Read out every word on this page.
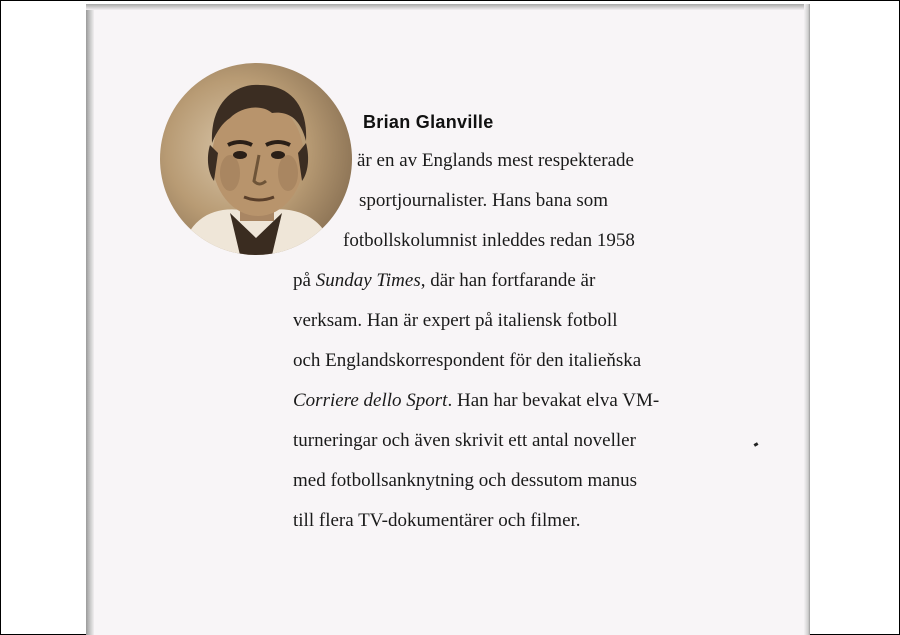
Brian Glanville
är en av Englands mest respekterade
sportjournalister. Hans bana som
fotbollskolumnist inleddes redan 1958
på Sunday Times, där han fortfarande är
verksam. Han är expert på italiensk fotboll
och Englandskorrespondent för den italieňska
Corriere dello Sport. Han har bevakat elva VM-
turneringar och även skrivit ett antal noveller
med fotbollsanknytning och dessutom manus
till flera TV-dokumentärer och filmer.
